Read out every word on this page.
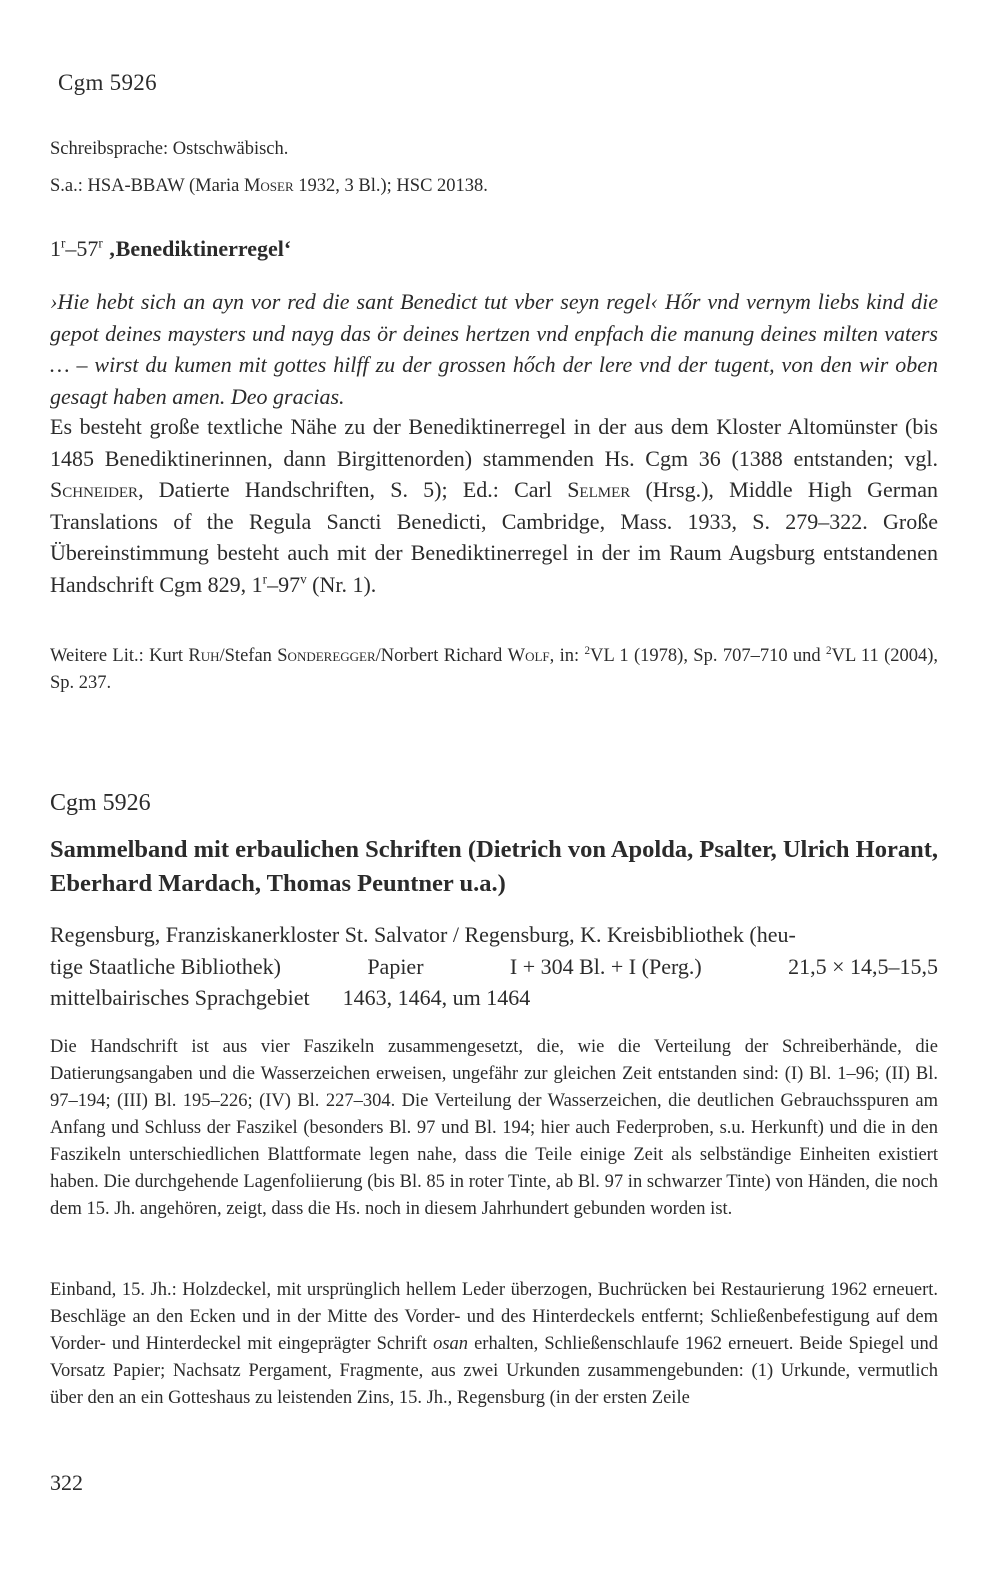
Cgm 5926
Schreibsprache: Ostschwäbisch.
S.a.: HSA-BBAW (Maria Moser 1932, 3 Bl.); HSC 20138.
1$^r$–57$^r$ ‚Benediktinerregel‘
›Hie hebt sich an ayn vor red die sant Benedict tut vber seyn regel‹ Hőr vnd vernym liebs kind die gepot deines maysters und nayg das ör deines hertzen vnd enpfach die manung deines milten vaters … – wirst du kumen mit gottes hilff zu der grossen hőch der lere vnd der tugent, von den wir oben gesagt haben amen. Deo gracias.
Es besteht große textliche Nähe zu der Benediktinerregel in der aus dem Kloster Altomünster (bis 1485 Benediktinerinnen, dann Birgittenorden) stammenden Hs. Cgm 36 (1388 entstanden; vgl. Schneider, Datierte Handschriften, S. 5); Ed.: Carl Selmer (Hrsg.), Middle High German Translations of the Regula Sancti Benedicti, Cambridge, Mass. 1933, S. 279–322. Große Übereinstimmung besteht auch mit der Benediktinerregel in der im Raum Augsburg entstandenen Handschrift Cgm 829, 1$^r$–97$^v$ (Nr. 1).
Weitere Lit.: Kurt Ruh/Stefan Sonderegger/Norbert Richard Wolf, in: $^2$VL 1 (1978), Sp. 707–710 und $^2$VL 11 (2004), Sp. 237.
Cgm 5926
Sammelband mit erbaulichen Schriften (Dietrich von Apolda, Psalter, Ulrich Horant, Eberhard Mardach, Thomas Peuntner u.a.)
Regensburg, Franziskanerkloster St. Salvator / Regensburg, K. Kreisbibliothek (heu-
tige Staatliche Bibliothek)	Papier	I + 304 Bl. + I (Perg.)	21,5 × 14,5–15,5
mittelbairisches Sprachgebiet 1463, 1464, um 1464
Die Handschrift ist aus vier Faszikeln zusammengesetzt, die, wie die Verteilung der Schreiberhände, die Datierungsangaben und die Wasserzeichen erweisen, ungefähr zur gleichen Zeit entstanden sind: (I) Bl. 1–96; (II) Bl. 97–194; (III) Bl. 195–226; (IV) Bl. 227–304. Die Verteilung der Wasserzeichen, die deutlichen Gebrauchsspuren am Anfang und Schluss der Faszikel (besonders Bl. 97 und Bl. 194; hier auch Federproben, s.u. Herkunft) und die in den Faszikeln unterschiedlichen Blattformate legen nahe, dass die Teile einige Zeit als selbständige Einheiten existiert haben. Die durchgehende Lagenfoliierung (bis Bl. 85 in roter Tinte, ab Bl. 97 in schwarzer Tinte) von Händen, die noch dem 15. Jh. angehören, zeigt, dass die Hs. noch in diesem Jahrhundert gebunden worden ist.
Einband, 15. Jh.: Holzdeckel, mit ursprünglich hellem Leder überzogen, Buchrücken bei Restaurierung 1962 erneuert. Beschläge an den Ecken und in der Mitte des Vorder- und des Hinterdeckels entfernt; Schließenbefestigung auf dem Vorder- und Hinterdeckel mit eingeprägter Schrift osan erhalten, Schließenschlaufe 1962 erneuert. Beide Spiegel und Vorsatz Papier; Nachsatz Pergament, Fragmente, aus zwei Urkunden zusammengebunden: (1) Urkunde, vermutlich über den an ein Gotteshaus zu leistenden Zins, 15. Jh., Regensburg (in der ersten Zeile
322
